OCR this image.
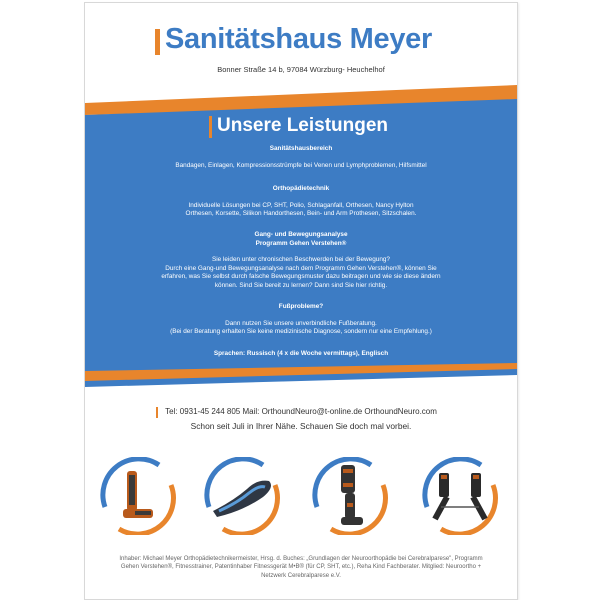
Sanitätshaus Meyer
Bonner Straße 14 b, 97084 Würzburg- Heuchelhof
Unsere Leistungen
Sanitätshausbereich
Bandagen, Einlagen, Kompressionsstrümpfe bei Venen und Lymphproblemen, Hilfsmittel
Orthopädietechnik
Individuelle Lösungen bei CP, SHT, Polio, Schlaganfall, Orthesen, Nancy Hylton
Orthesen, Korsette, Silikon Handorthesen, Bein- und Arm Prothesen, Sitzschalen.
Gang- und Bewegungsanalyse
Programm Gehen Verstehen®
Sie leiden unter chronischen Beschwerden bei der Bewegung?
Durch eine Gang-und Bewegungsanalyse nach dem Programm Gehen Verstehen®, können Sie
erfahren, was Sie selbst durch falsche Bewegungsmuster dazu beitragen und wie sie diese ändern
können. Sind Sie bereit zu lernen? Dann sind Sie hier richtig.
Fußprobleme?
Dann nutzen Sie unsere unverbindliche Fußberatung.
(Bei der Beratung erhalten Sie keine medizinische Diagnose, sondern nur eine Empfehlung.)
Sprachen: Russisch (4 x die Woche vermittags), Englisch
Tel: 0931-45 244 805 Mail: OrthoundNeuro@t-online.de OrthoundNeuro.com
Schon seit Juli in Ihrer Nähe. Schauen Sie doch mal vorbei.
Inhaber: Michael Meyer Orthopädietechnikermeister, Hrsg. d. Buches: „Grundlagen der Neuroorthopädie bei Cerebralparese", Programm
Gehen Verstehen®, Fitnesstrainer, Patentinhaber Fitnessgerät M•B® (für CP, SHT, etc.), Reha Kind Fachberater. Mitglied: Neuroortho +
Netzwerk Cerebralparese e.V.
